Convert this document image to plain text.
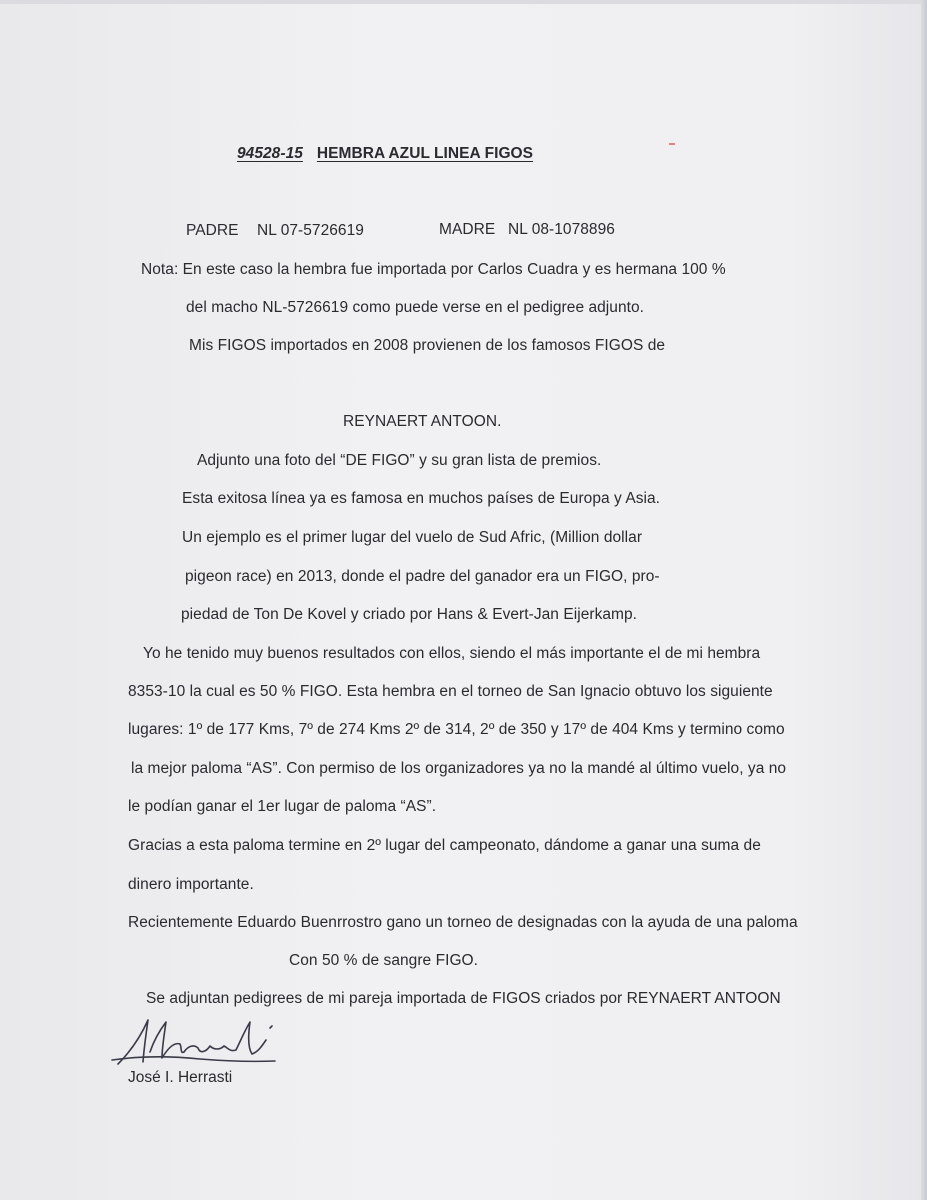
94528-15 HEMBRA AZUL LINEA FIGOS
PADRE NL 07-5726619	MADRE NL 08-1078896
Nota: En este caso la hembra fue importada por Carlos Cuadra y es hermana 100 %
del macho NL-5726619 como puede verse en el pedigree adjunto.
Mis FIGOS importados en 2008 provienen de los famosos FIGOS de
REYNAERT ANTOON.
Adjunto una foto del “DE FIGO” y su gran lista de premios.
Esta exitosa línea ya es famosa en muchos países de Europa y Asia.
Un ejemplo es el primer lugar del vuelo de Sud Afric, (Million dollar
pigeon race) en 2013, donde el padre del ganador era un FIGO, pro-
piedad de Ton De Kovel y criado por Hans & Evert-Jan Eijerkamp.
Yo he tenido muy buenos resultados con ellos, siendo el más importante el de mi hembra
8353-10 la cual es 50 % FIGO. Esta hembra en el torneo de San Ignacio obtuvo los siguiente
lugares: 1º de 177 Kms, 7º de 274 Kms 2º de 314, 2º de 350 y 17º de 404 Kms y termino como
la mejor paloma “AS”. Con permiso de los organizadores ya no la mandé al último vuelo, ya no
le podían ganar el 1er lugar de paloma “AS”.
Gracias a esta paloma termine en 2º lugar del campeonato, dándome a ganar una suma de
dinero importante.
Recientemente Eduardo Buenrrostro gano un torneo de designadas con la ayuda de una paloma
Con 50 % de sangre FIGO.
Se adjuntan pedigrees de mi pareja importada de FIGOS criados por REYNAERT ANTOON
José I. Herrasti
